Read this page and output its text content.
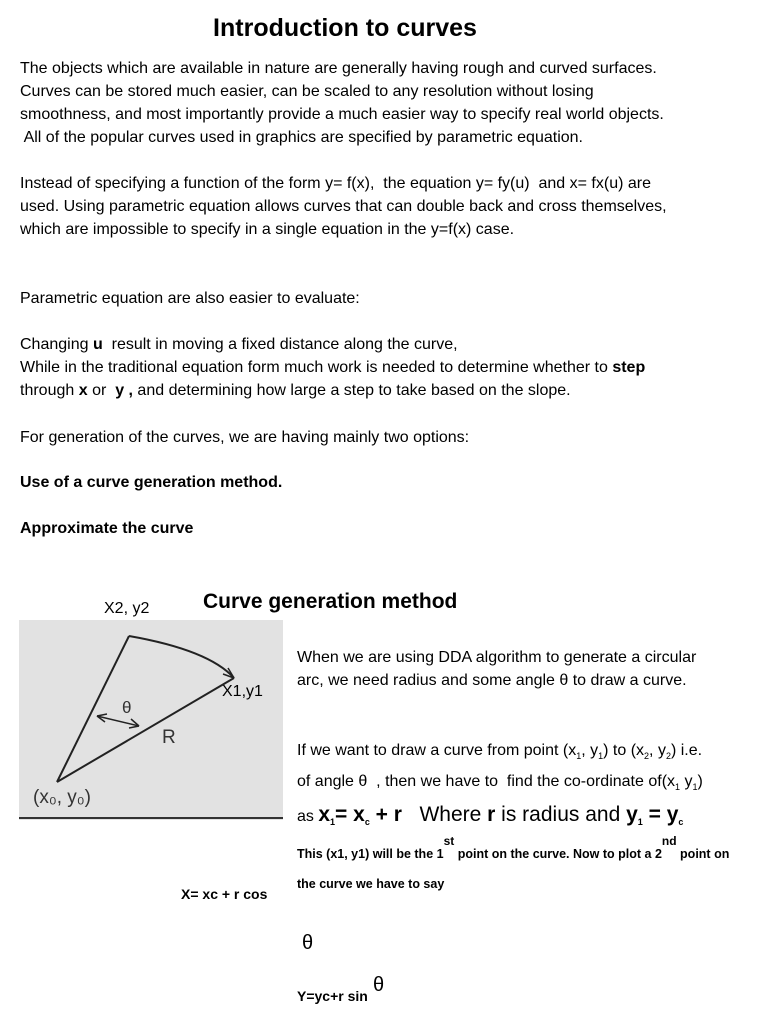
Introduction to curves

The objects which are available in nature are generally having rough and curved surfaces.

Curves can be stored much easier, can be scaled to any resolution without losing

smoothness, and most importantly provide a much easier way to specify real world objects.

All of the popular curves used in graphics are specified by parametric equation.

Instead of specifying a function of the form y= f(x),  the equation y= fy(u)  and x= fx(u) are

used. Using parametric equation allows curves that can double back and cross themselves,

which are impossible to specify in a single equation in the y=f(x) case.

Parametric equation are also easier to evaluate:

Changing u  result in moving a fixed distance along the curve,

While in the traditional equation form much work is needed to determine whether to step

through x or  y , and determining how large a step to take based on the slope.

For generation of the curves, we are having mainly two options:
Use of a curve generation method.
Approximate the curve
X2, y2	Curve generation method
X1,y1
θ
R
(x₀, y₀)

When we are using DDA algorithm to generate a circular

arc, we need radius and some angle θ to draw a curve.

If we want to draw a curve from point ($x_1$, $y_1$) to ($x_2$, $y_2$) i.e.
of angle θ  , then we have to  find the co-ordinate $of(x_1$ $y_1$)
as $x_1= x_c + r$   Where r is radius and $y_1 = y_c$
This (x1, y1) will be the 1st point on the curve. Now to plot a 2nd point on
the curve we have to say
X= xc + r cos
θ
Y=yc+r sin θ
